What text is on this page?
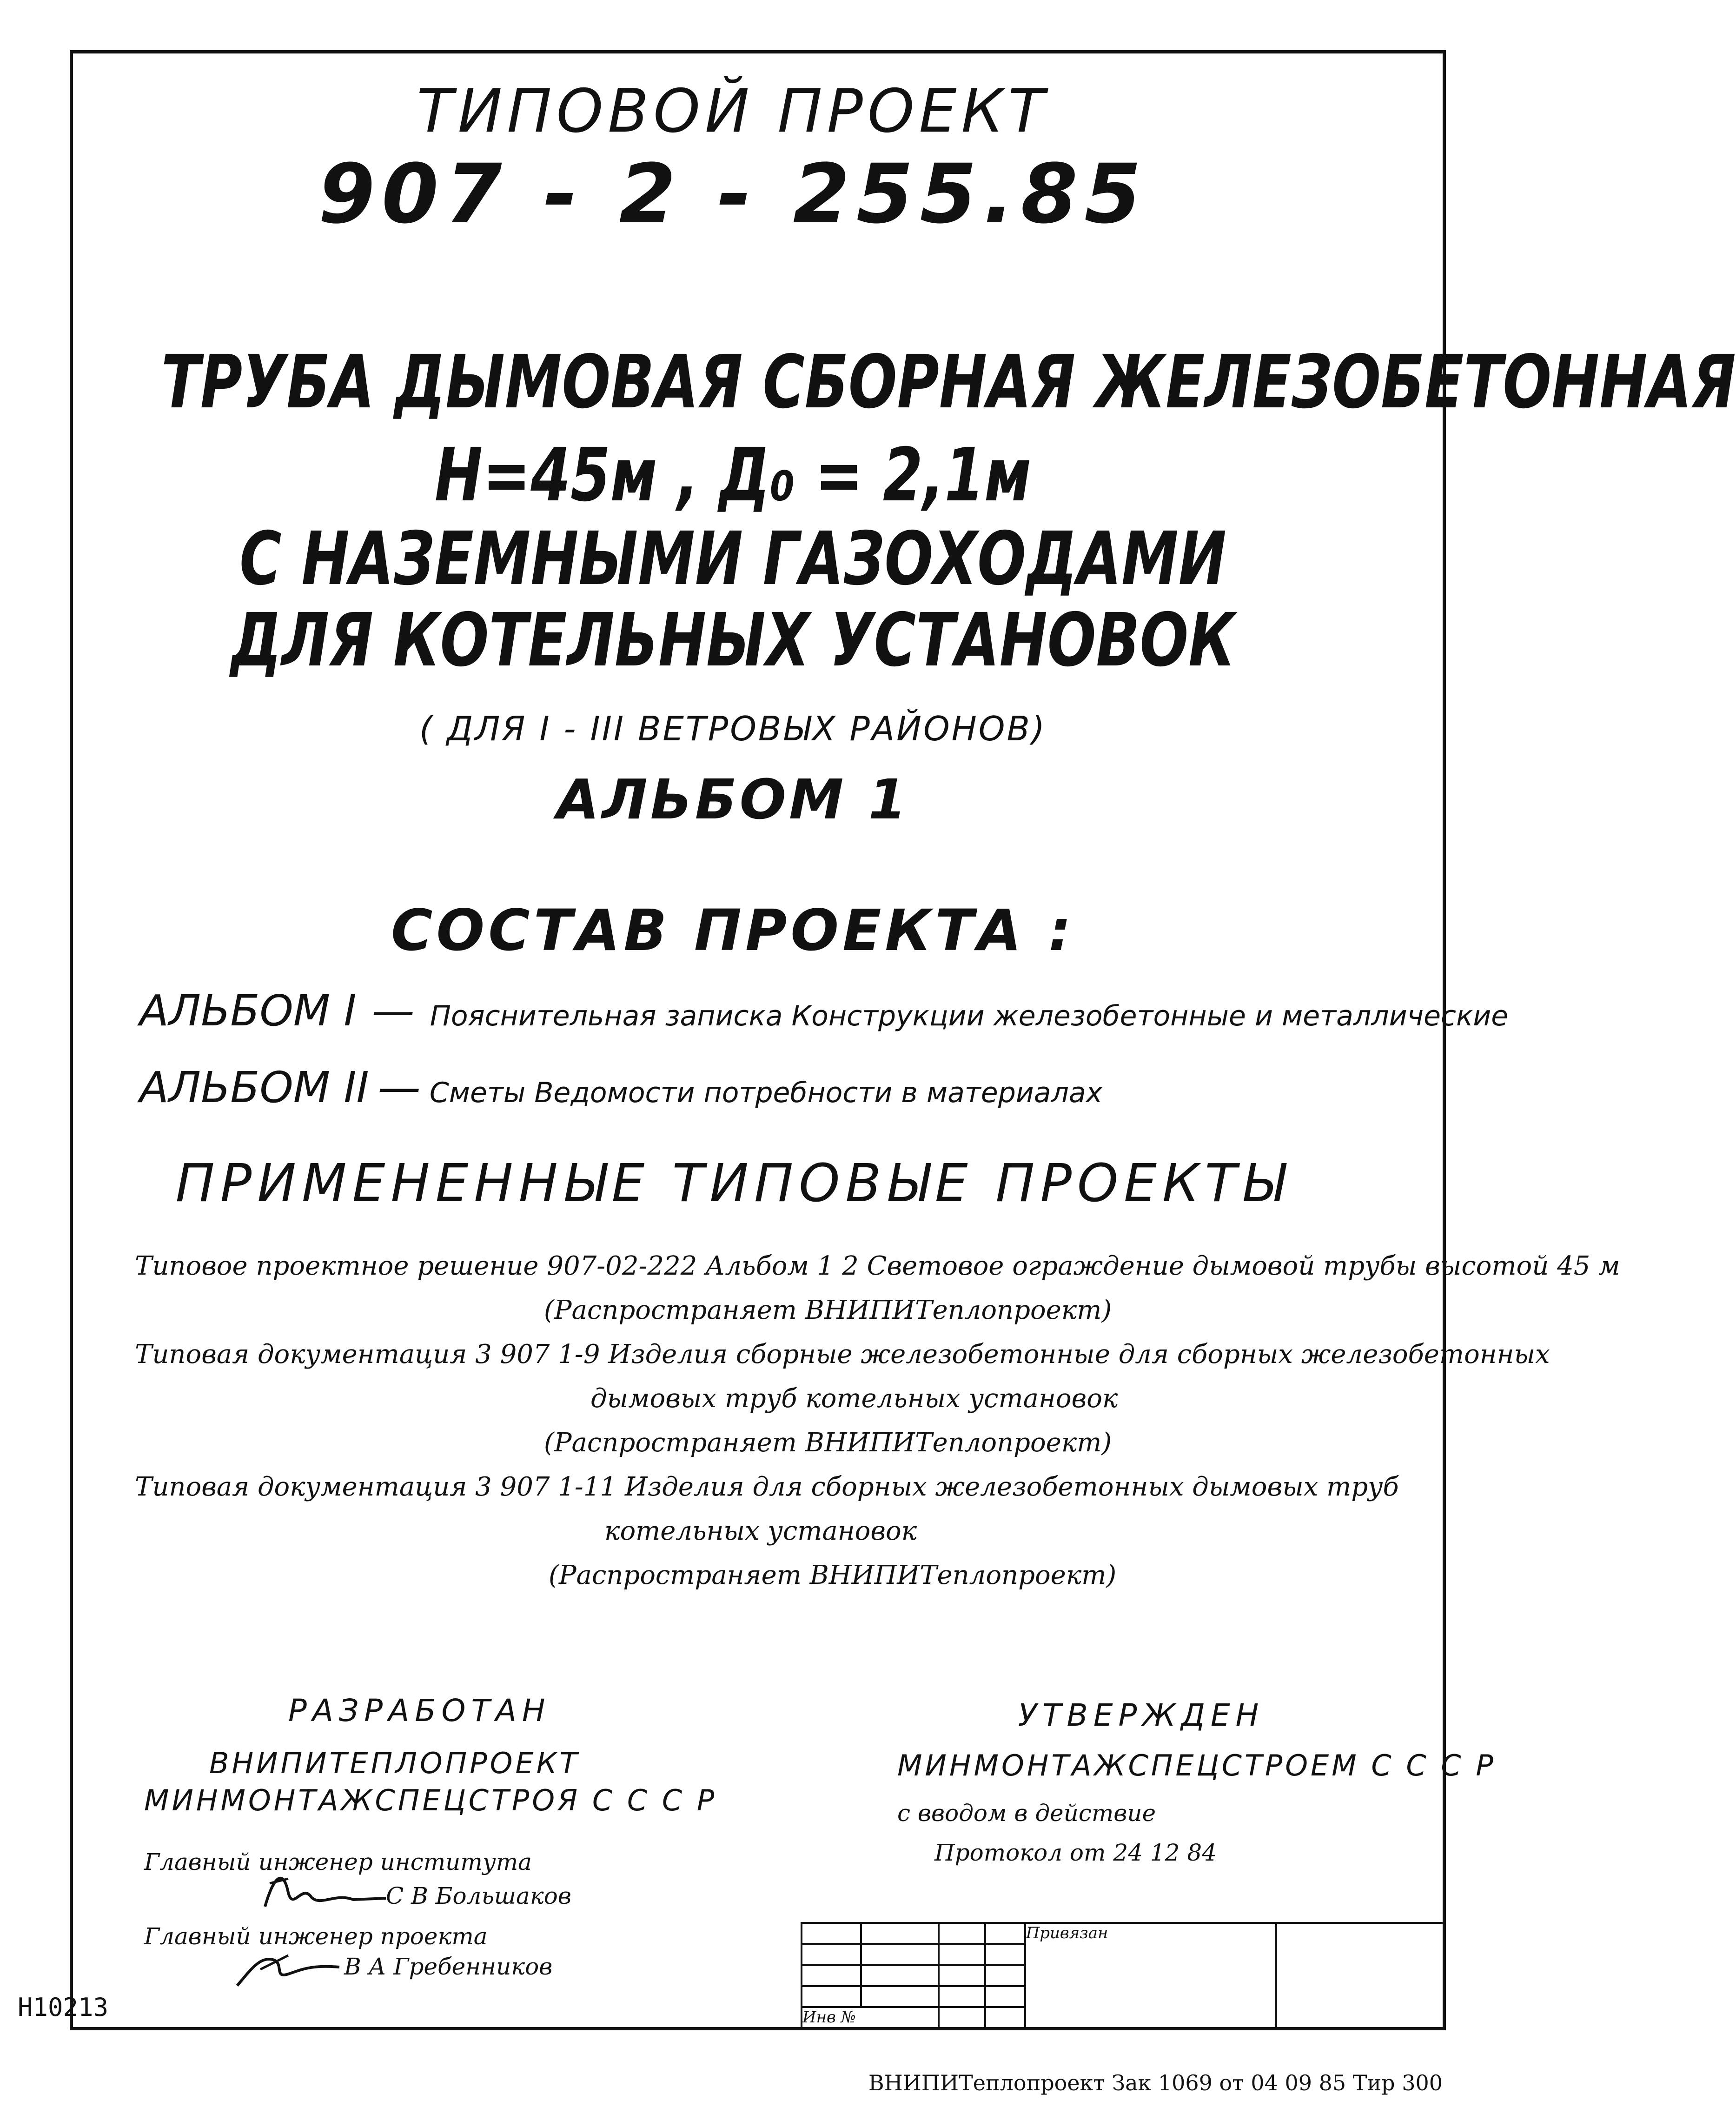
ТИПОВОЙ ПРОЕКТ
907 - 2 - 255.85
ТРУБА ДЫМОВАЯ СБОРНАЯ ЖЕЛЕЗОБЕТОННАЯ
Н=45м , Д₀ = 2,1м
С НАЗЕМНЫМИ ГАЗОХОДАМИ
ДЛЯ КОТЕЛЬНЫХ УСТАНОВОК
( ДЛЯ I - III ВЕТРОВЫХ РАЙОНОВ)
АЛЬБОМ 1
СОСТАВ ПРОЕКТА :
АЛЬБОМ I — Пояснительная записка Конструкции железобетонные и металлические
АЛЬБОМ II — Сметы Ведомости потребности в материалах
ПРИМЕНЕННЫЕ ТИПОВЫЕ ПРОЕКТЫ
Типовое проектное решение 907-02-222 Альбом 1 2 Световое ограждение дымовой трубы высотой 45 м
(Распространяет ВНИПИТеплопроект)
Типовая документация 3 907 1-9 Изделия сборные железобетонные для сборных железобетонных
дымовых труб котельных установок
(Распространяет ВНИПИТеплопроект)
Типовая документация 3 907 1-11 Изделия для сборных железобетонных дымовых труб
котельных установок
(Распространяет ВНИПИТеплопроект)
РАЗРАБОТАН
ВНИПИТЕПЛОПРОЕКТ
МИНМОНТАЖСПЕЦСТРОЯ С С С Р
Главный инженер института
С В Большаков
Главный инженер проекта
В А Гребенников
УТВЕРЖДЕН
МИНМОНТАЖСПЕЦСТРОЕМ С С С Р
с вводом в действие
Протокол от 24 12 84
				Привязан	

Инв №					
Н10213
ВНИПИТеплопроект Зак 1069 от 04 09 85 Тир 300
